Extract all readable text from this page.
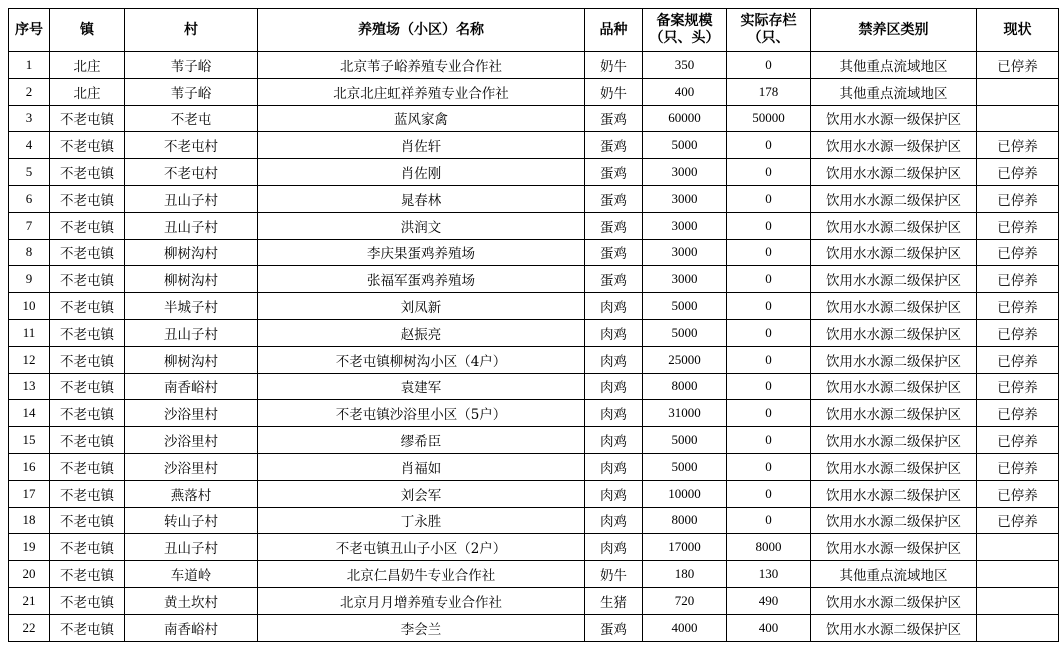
序号	镇	村	养殖场（小区）名称	品种	备案规模（只、头）	实际存栏（只、	禁养区类别	现状
1	北庄	苇子峪	北京苇子峪养殖专业合作社	奶牛	350	0	其他重点流域地区	已停养
2	北庄	苇子峪	北京北庄虹祥养殖专业合作社	奶牛	400	178	其他重点流域地区	
3	不老屯镇	不老屯	蓝风家禽	蛋鸡	60000	50000	饮用水水源一级保护区	
4	不老屯镇	不老屯村	肖佐轩	蛋鸡	5000	0	饮用水水源一级保护区	已停养
5	不老屯镇	不老屯村	肖佐刚	蛋鸡	3000	0	饮用水水源二级保护区	已停养
6	不老屯镇	丑山子村	晁春林	蛋鸡	3000	0	饮用水水源二级保护区	已停养
7	不老屯镇	丑山子村	洪润文	蛋鸡	3000	0	饮用水水源二级保护区	已停养
8	不老屯镇	柳树沟村	李庆果蛋鸡养殖场	蛋鸡	3000	0	饮用水水源二级保护区	已停养
9	不老屯镇	柳树沟村	张福军蛋鸡养殖场	蛋鸡	3000	0	饮用水水源二级保护区	已停养
10	不老屯镇	半城子村	刘凤新	肉鸡	5000	0	饮用水水源二级保护区	已停养
11	不老屯镇	丑山子村	赵振亮	肉鸡	5000	0	饮用水水源二级保护区	已停养
12	不老屯镇	柳树沟村	不老屯镇柳树沟小区（4户）	肉鸡	25000	0	饮用水水源二级保护区	已停养
13	不老屯镇	南香峪村	袁建军	肉鸡	8000	0	饮用水水源二级保护区	已停养
14	不老屯镇	沙浴里村	不老屯镇沙浴里小区（5户）	肉鸡	31000	0	饮用水水源二级保护区	已停养
15	不老屯镇	沙浴里村	缪希臣	肉鸡	5000	0	饮用水水源二级保护区	已停养
16	不老屯镇	沙浴里村	肖福如	肉鸡	5000	0	饮用水水源二级保护区	已停养
17	不老屯镇	燕落村	刘会军	肉鸡	10000	0	饮用水水源二级保护区	已停养
18	不老屯镇	转山子村	丁永胜	肉鸡	8000	0	饮用水水源二级保护区	已停养
19	不老屯镇	丑山子村	不老屯镇丑山子小区（2户）	肉鸡	17000	8000	饮用水水源一级保护区	
20	不老屯镇	车道岭	北京仁昌奶牛专业合作社	奶牛	180	130	其他重点流域地区	
21	不老屯镇	黄土坎村	北京月月增养殖专业合作社	生猪	720	490	饮用水水源二级保护区	
22	不老屯镇	南香峪村	李会兰	蛋鸡	4000	400	饮用水水源二级保护区	
